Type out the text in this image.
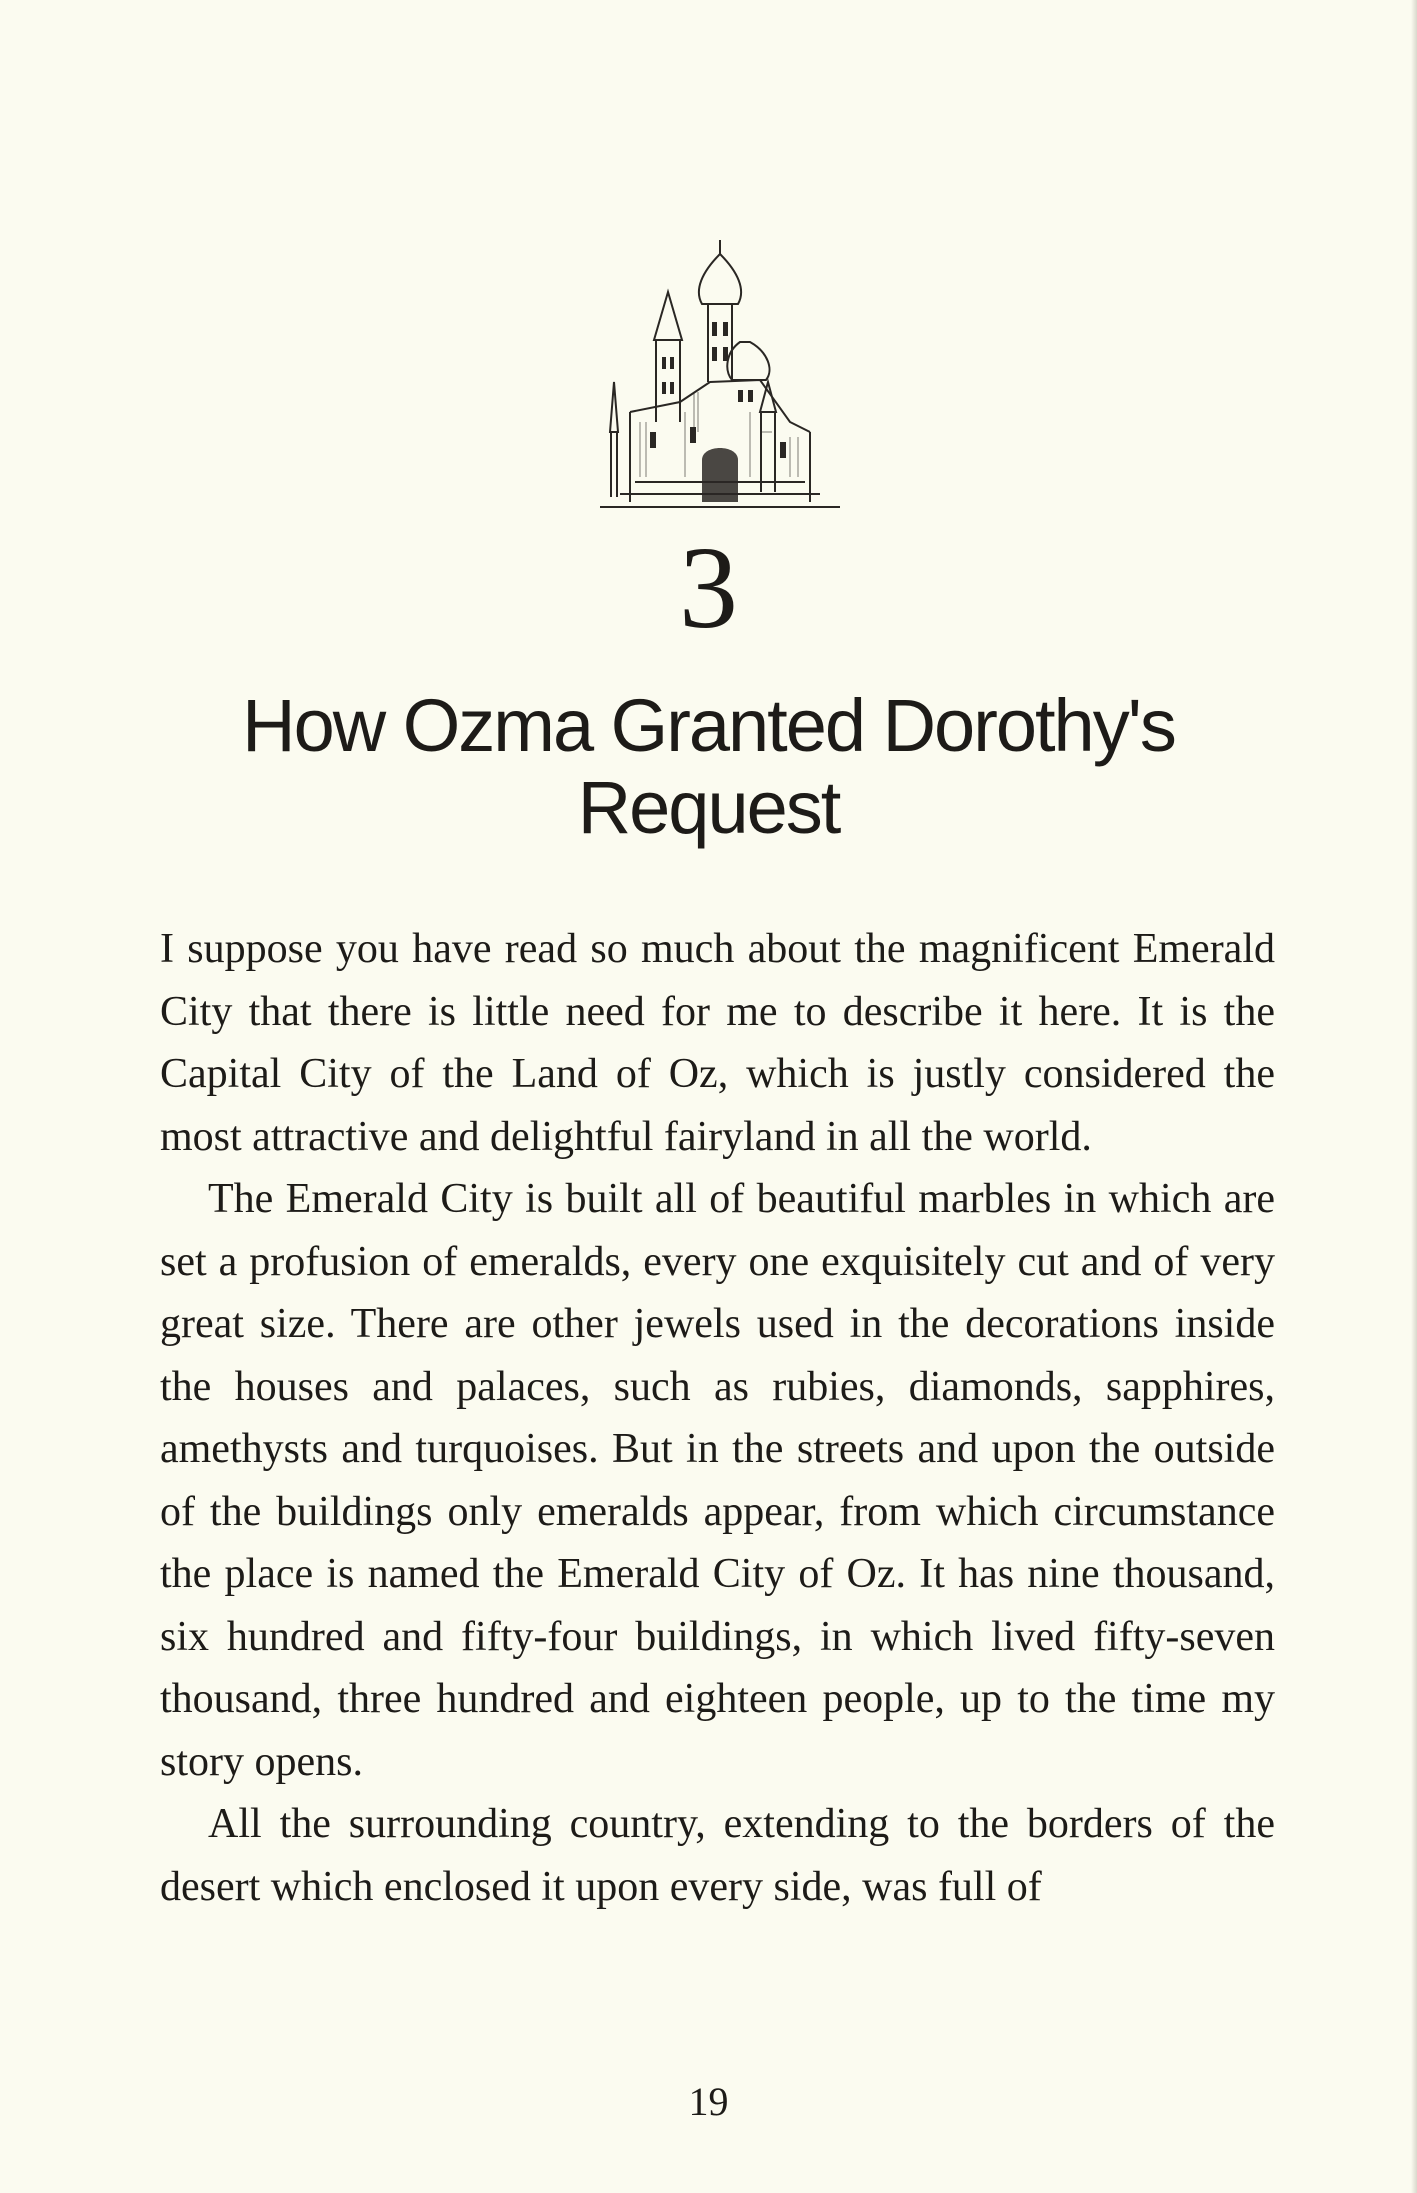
3
How Ozma Granted Dorothy's Request

I suppose you have read so much about the magnificent Emerald City that there is little need for me to describe it here. It is the Capital City of the Land of Oz, which is justly considered the most attractive and delightful fairyland in all the world.

The Emerald City is built all of beautiful marbles in which are set a profusion of emeralds, every one exquisitely cut and of very great size. There are other jewels used in the decorations inside the houses and palaces, such as rubies, diamonds, sapphires, amethysts and turquoises. But in the streets and upon the outside of the buildings only emeralds appear, from which circumstance the place is named the Emerald City of Oz. It has nine thousand, six hundred and fifty-four buildings, in which lived fifty-seven thousand, three hundred and eighteen people, up to the time my story opens.

All the surrounding country, extending to the borders of the desert which enclosed it upon every side, was full of

19
